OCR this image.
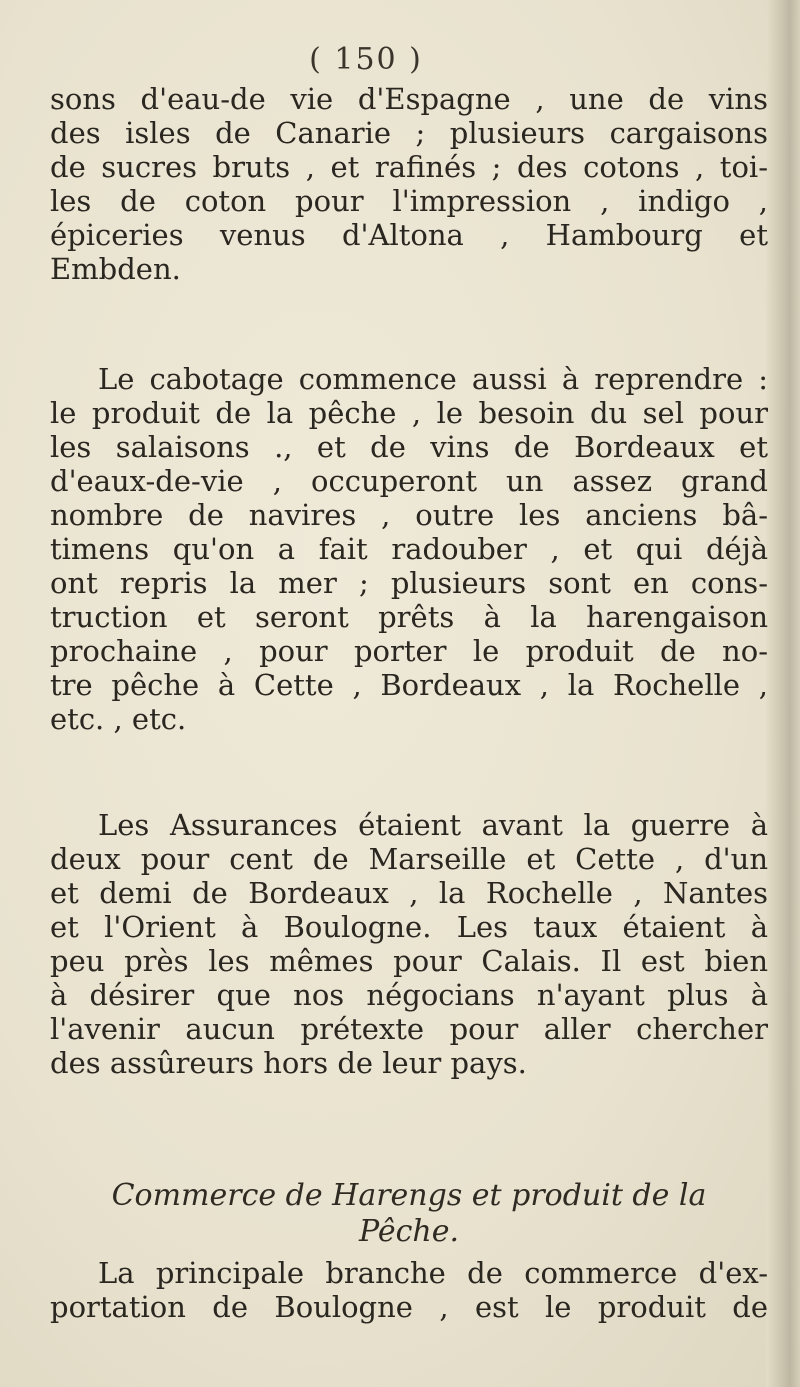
( 150 )
sons d'eau-de vie d'Espagne , une de vins
des isles de Canarie ; plusieurs cargaisons
de sucres bruts , et rafinés ; des cotons , toi-
les de coton pour l'impression , indigo ,
épiceries venus d'Altona , Hambourg et
Embden.
Le cabotage commence aussi à reprendre :
le produit de la pêche , le besoin du sel pour
les salaisons ., et de vins de Bordeaux et
d'eaux-de-vie , occuperont un assez grand
nombre de navires , outre les anciens bâ-
timens qu'on a fait radouber , et qui déjà
ont repris la mer ; plusieurs sont en cons-
truction et seront prêts à la harengaison
prochaine , pour porter le produit de no-
tre pêche à Cette , Bordeaux , la Rochelle ,
etc. , etc.
Les Assurances étaient avant la guerre à
deux pour cent de Marseille et Cette , d'un
et demi de Bordeaux , la Rochelle , Nantes
et l'Orient à Boulogne. Les taux étaient à
peu près les mêmes pour Calais. Il est bien
à désirer que nos négocians n'ayant plus à
l'avenir aucun prétexte pour aller chercher
des assûreurs hors de leur pays.
Commerce de Harengs et produit de la
Pêche.
La principale branche de commerce d'ex-
portation de Boulogne , est le produit de
